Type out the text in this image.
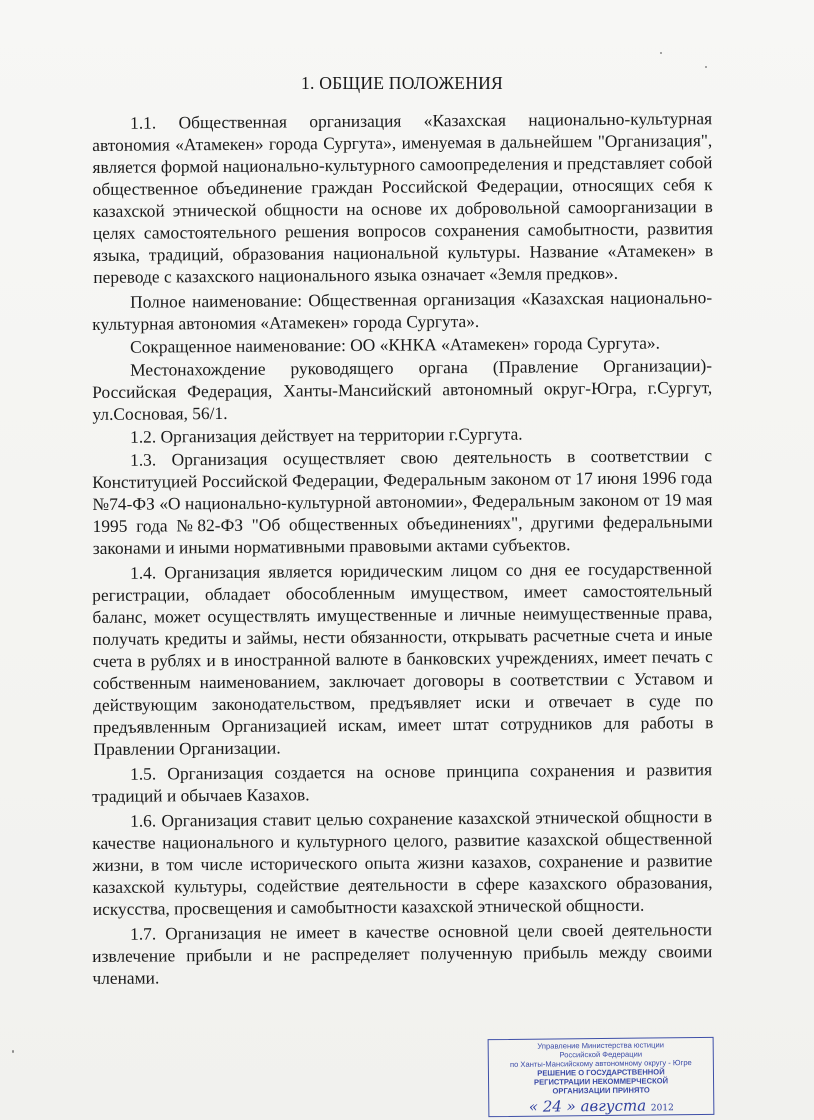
1. ОБЩИЕ ПОЛОЖЕНИЯ

1.1. Общественная организация «Казахская национально-культурная автономия «Атамекен» города Сургута», именуемая в дальнейшем "Организация", является формой национально-культурного самоопределения и представляет собой общественное объединение граждан Российской Федерации, относящих себя к казахской этнической общности на основе их добровольной самоорганизации в целях самостоятельного решения вопросов сохранения самобытности, развития языка, традиций, образования национальной культуры. Название «Атамекен» в переводе с казахского национального языка означает «Земля предков».

Полное наименование: Общественная организация «Казахская национально-культурная автономия «Атамекен» города Сургута».

Сокращенное наименование: ОО «КНКА «Атамекен» города Сургута».

Местонахождение руководящего органа (Правление Организации)- Российская Федерация, Ханты-Мансийский автономный округ-Югра, г.Сургут, ул.Сосновая, 56/1.

1.2. Организация действует на территории г.Сургута.

1.3. Организация осуществляет свою деятельность в соответствии с Конституцией Российской Федерации, Федеральным законом от 17 июня 1996 года №74-ФЗ «О национально-культурной автономии», Федеральным законом от 19 мая 1995 года №82-ФЗ "Об общественных объединениях", другими федеральными законами и иными нормативными правовыми актами субъектов.

1.4. Организация является юридическим лицом со дня ее государственной регистрации, обладает обособленным имуществом, имеет самостоятельный баланс, может осуществлять имущественные и личные неимущественные права, получать кредиты и займы, нести обязанности, открывать расчетные счета и иные счета в рублях и в иностранной валюте в банковских учреждениях, имеет печать с собственным наименованием, заключает договоры в соответствии с Уставом и действующим законодательством, предъявляет иски и отвечает в суде по предъявленным Организацией искам, имеет штат сотрудников для работы в Правлении Организации.

1.5. Организация создается на основе принципа сохранения и развития традиций и обычаев Казахов.

1.6. Организация ставит целью сохранение казахской этнической общности в качестве национального и культурного целого, развитие казахской общественной жизни, в том числе исторического опыта жизни казахов, сохранение и развитие казахской культуры, содействие деятельности в сфере казахского образования, искусства, просвещения и самобытности казахской этнической общности.

1.7. Организация не имеет в качестве основной цели своей деятельности извлечение прибыли и не распределяет полученную прибыль между своими членами.

Управление Министерства юстиции
Российской Федерации
по Ханты-Мансийскому автономному округу - Югре
РЕШЕНИЕ О ГОСУДАРСТВЕННОЙ
РЕГИСТРАЦИИ НЕКОММЕРЧЕСКОЙ
ОРГАНИЗАЦИИ ПРИНЯТО
« 24 » августа 2012
